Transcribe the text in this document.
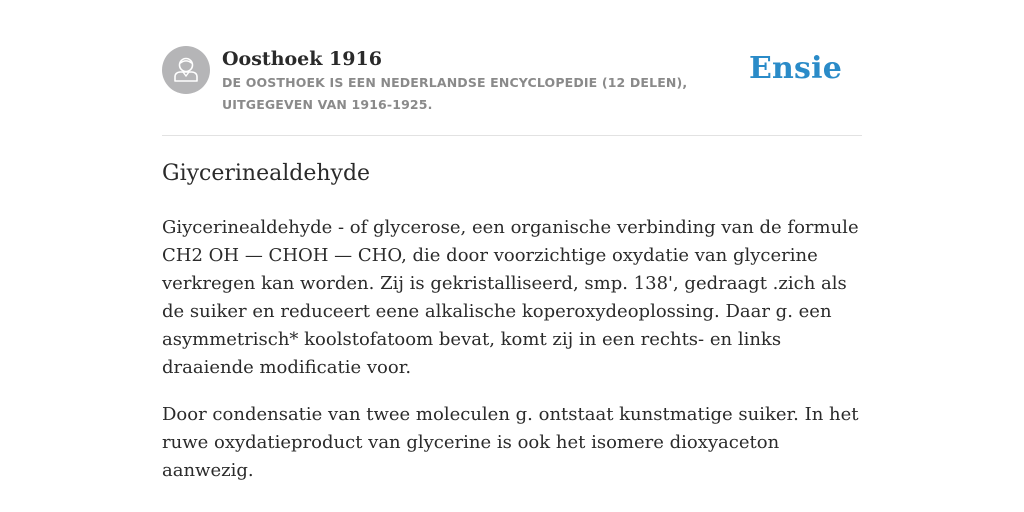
Oosthoek 1916

DE OOSTHOEK IS EEN NEDERLANDSE ENCYCLOPEDIE (12 DELEN), UITGEGEVEN VAN 1916-1925.

Ensie
Giycerinealdehyde

Giycerinealdehyde - of glycerose, een organische verbinding van de formule CH2 OH — CHOH — CHO, die door voorzichtige oxydatie van glycerine verkregen kan worden. Zij is gekristalliseerd, smp. 138', gedraagt .zich als de suiker en reduceert eene alkalische koperoxydeoplossing. Daar g. een asymmetrisch* koolstofatoom bevat, komt zij in een rechts- en links draaiende modificatie voor.

Door condensatie van twee moleculen g. ontstaat kunstmatige suiker. In het ruwe oxydatieproduct van glycerine is ook het isomere dioxyaceton aanwezig.
